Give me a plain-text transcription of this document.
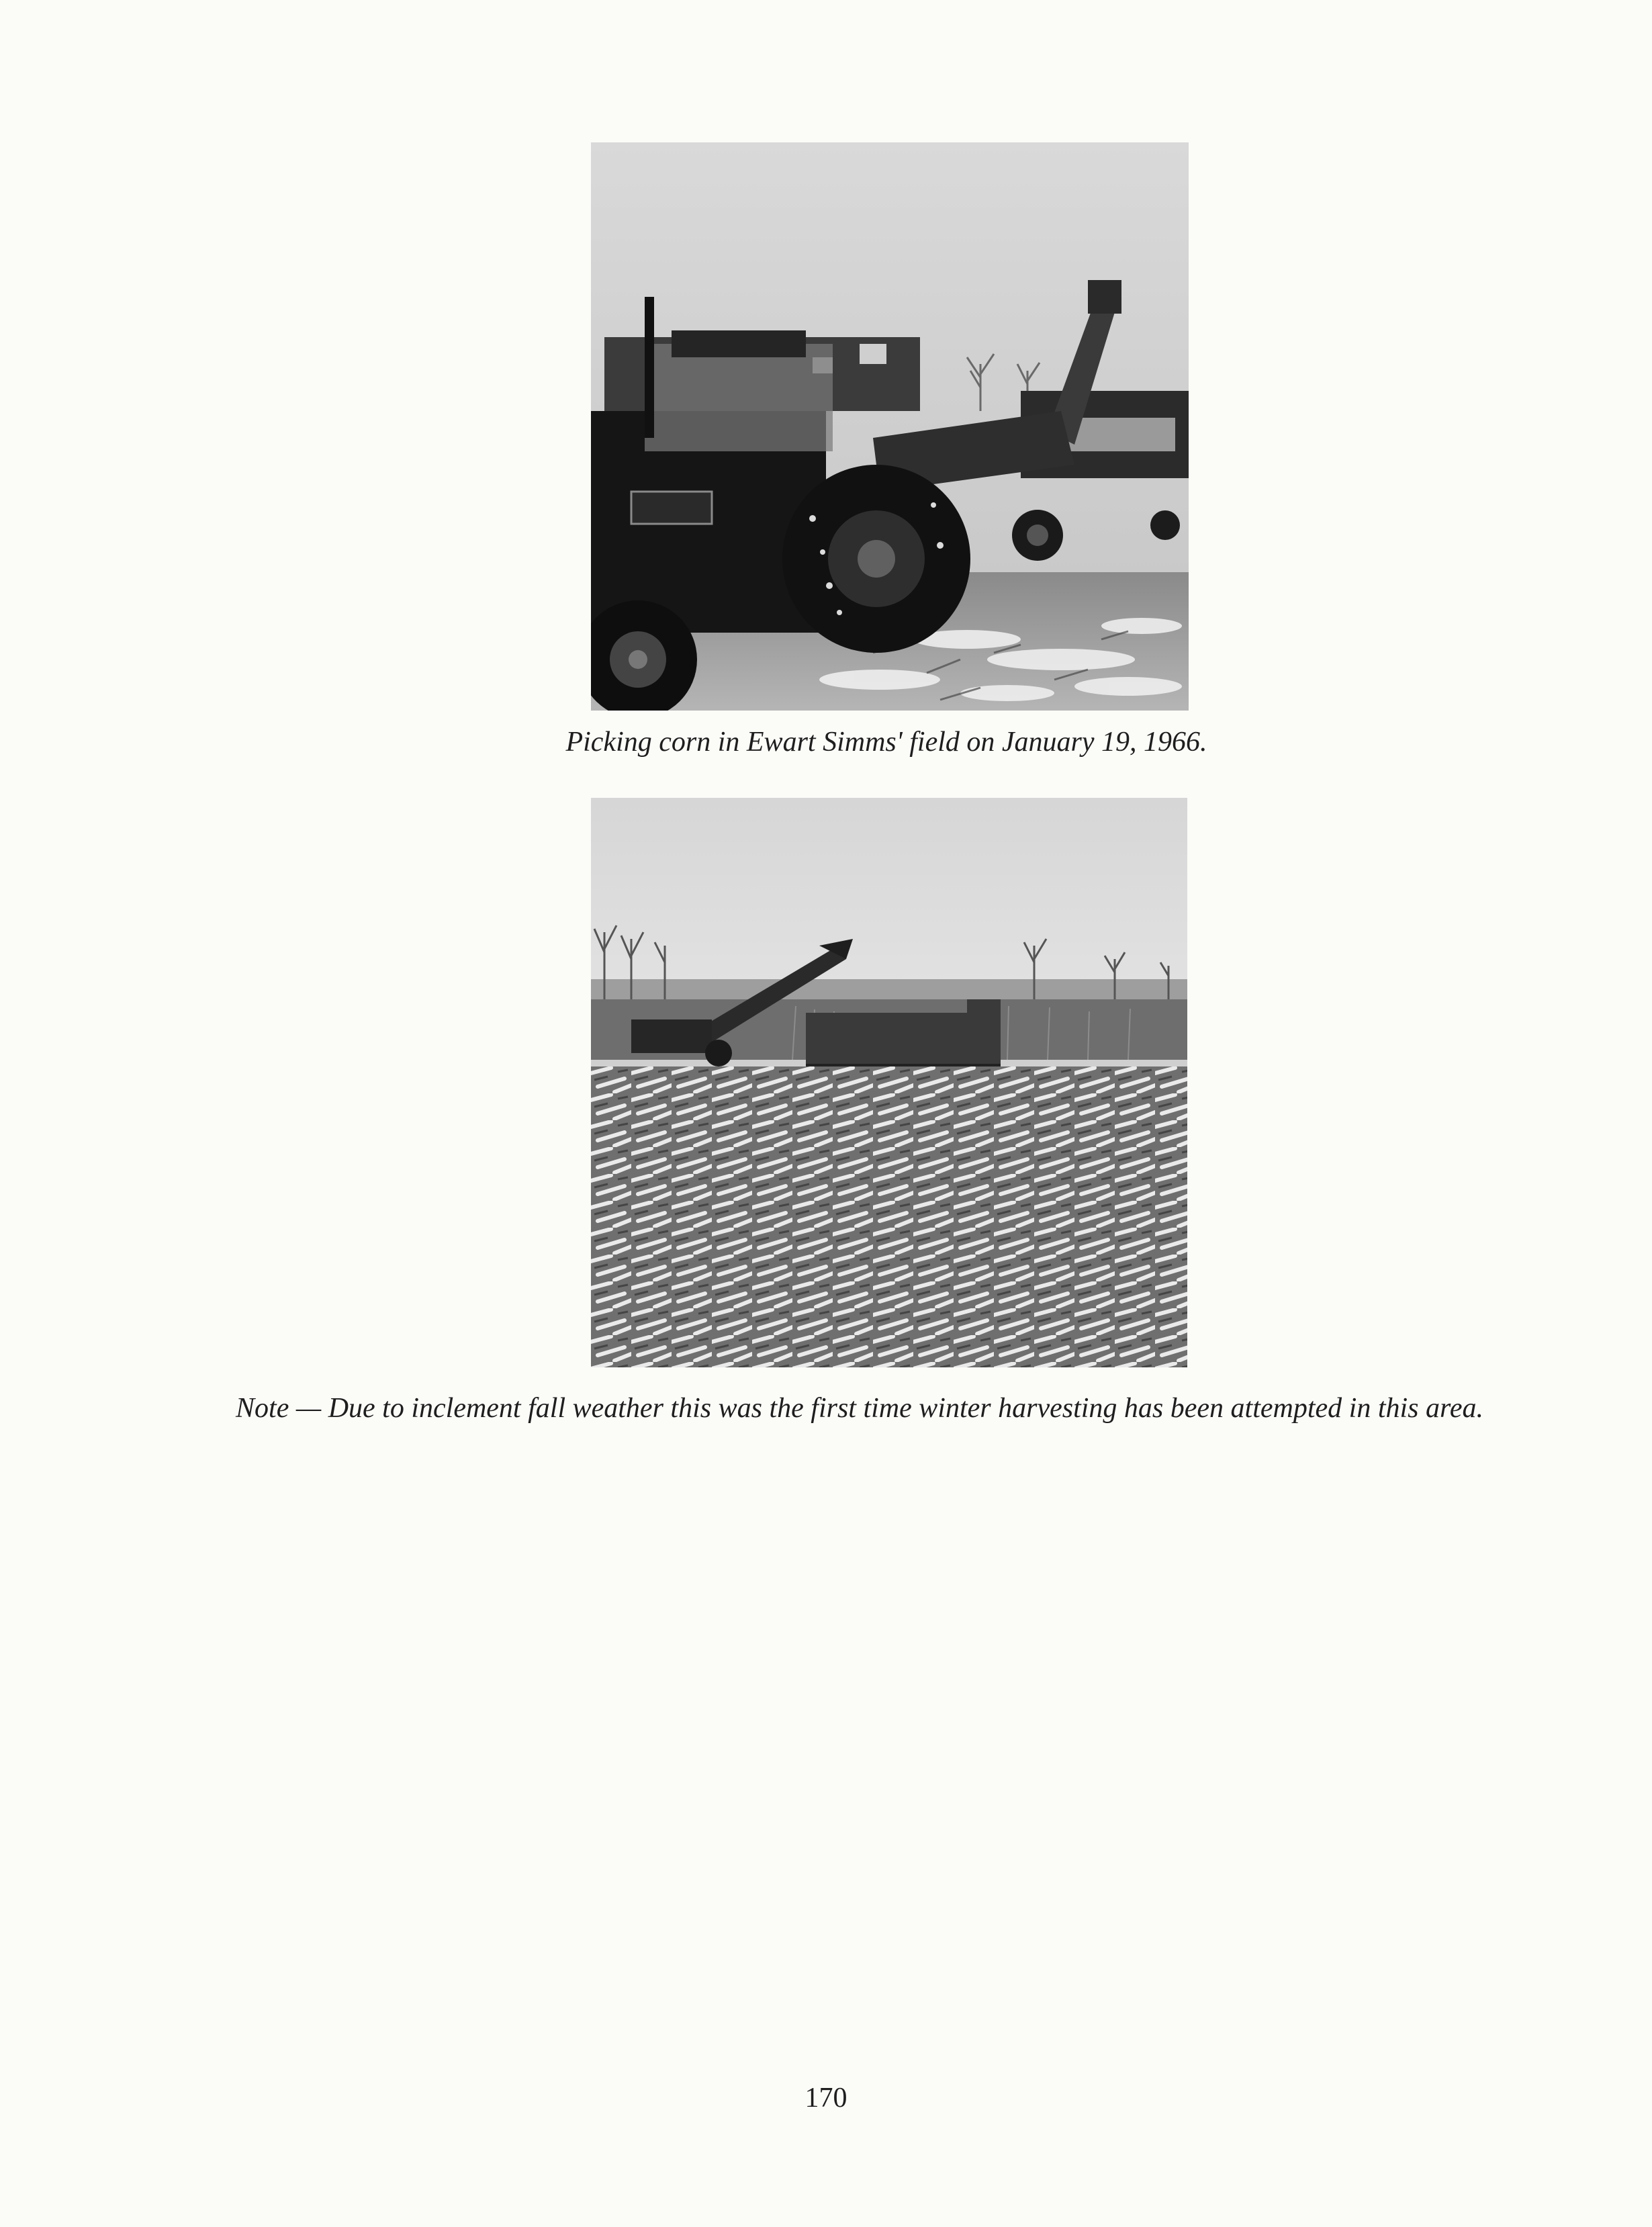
Picking corn in Ewart Simms' field on January 19, 1966.
Note — Due to inclement fall weather this was the first time winter harvesting has been attempted in this area.
170
